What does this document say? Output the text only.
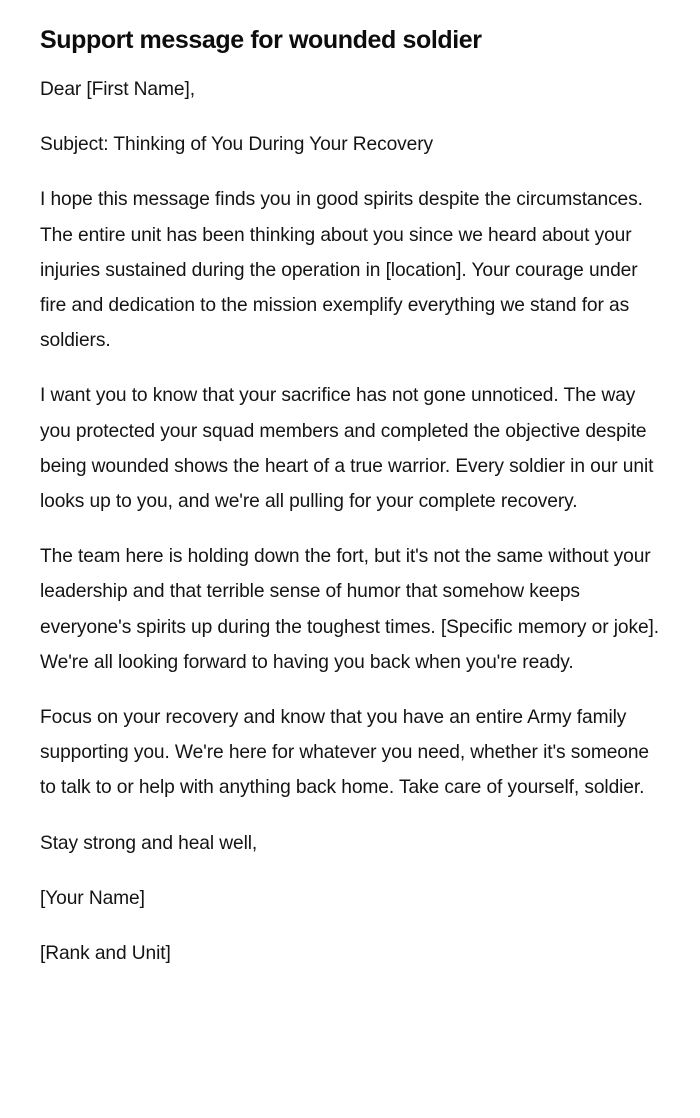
Support message for wounded soldier

Dear [First Name],

Subject: Thinking of You During Your Recovery

I hope this message finds you in good spirits despite the circumstances. The entire unit has been thinking about you since we heard about your injuries sustained during the operation in [location]. Your courage under fire and dedication to the mission exemplify everything we stand for as soldiers.

I want you to know that your sacrifice has not gone unnoticed. The way you protected your squad members and completed the objective despite being wounded shows the heart of a true warrior. Every soldier in our unit looks up to you, and we're all pulling for your complete recovery.

The team here is holding down the fort, but it's not the same without your leadership and that terrible sense of humor that somehow keeps everyone's spirits up during the toughest times. [Specific memory or joke]. We're all looking forward to having you back when you're ready.

Focus on your recovery and know that you have an entire Army family supporting you. We're here for whatever you need, whether it's someone to talk to or help with anything back home. Take care of yourself, soldier.

Stay strong and heal well,

[Your Name]

[Rank and Unit]
